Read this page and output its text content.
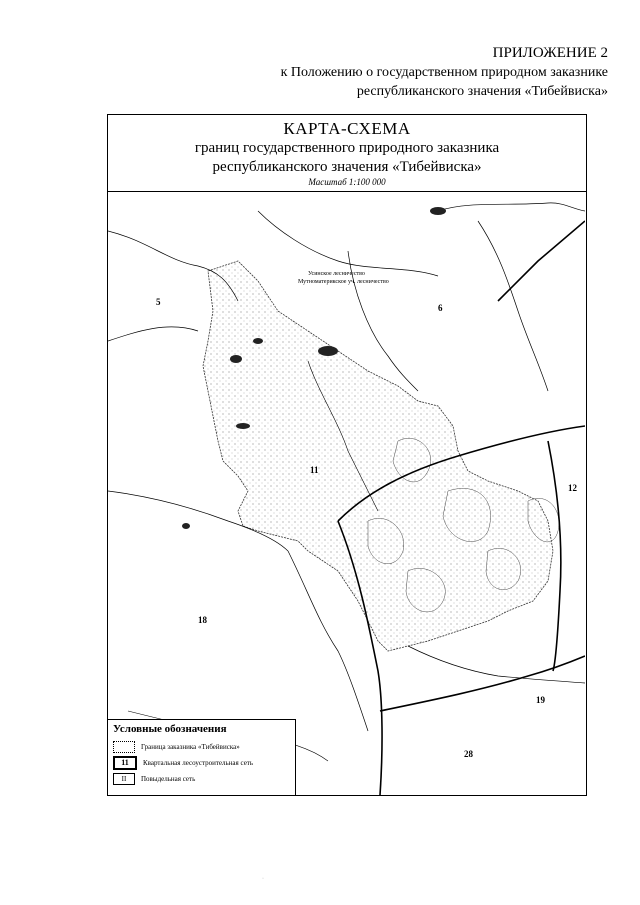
ПРИЛОЖЕНИЕ 2
к Положению о государственном природном заказнике
республиканского значения «Тибейвиска»
КАРТА-СХЕМА
границ государственного природного заказника
республиканского значения «Тибейвиска»
Масштаб 1:100 000
5
6
11
12
18
19
28
Усинское лесничество
Мутноматерикское уч. лесничество
Условные обозначения
Граница заказника «Тибейвиска»
11	Квартальная лесоустроительная сеть
II	Повыдельная сеть
·
